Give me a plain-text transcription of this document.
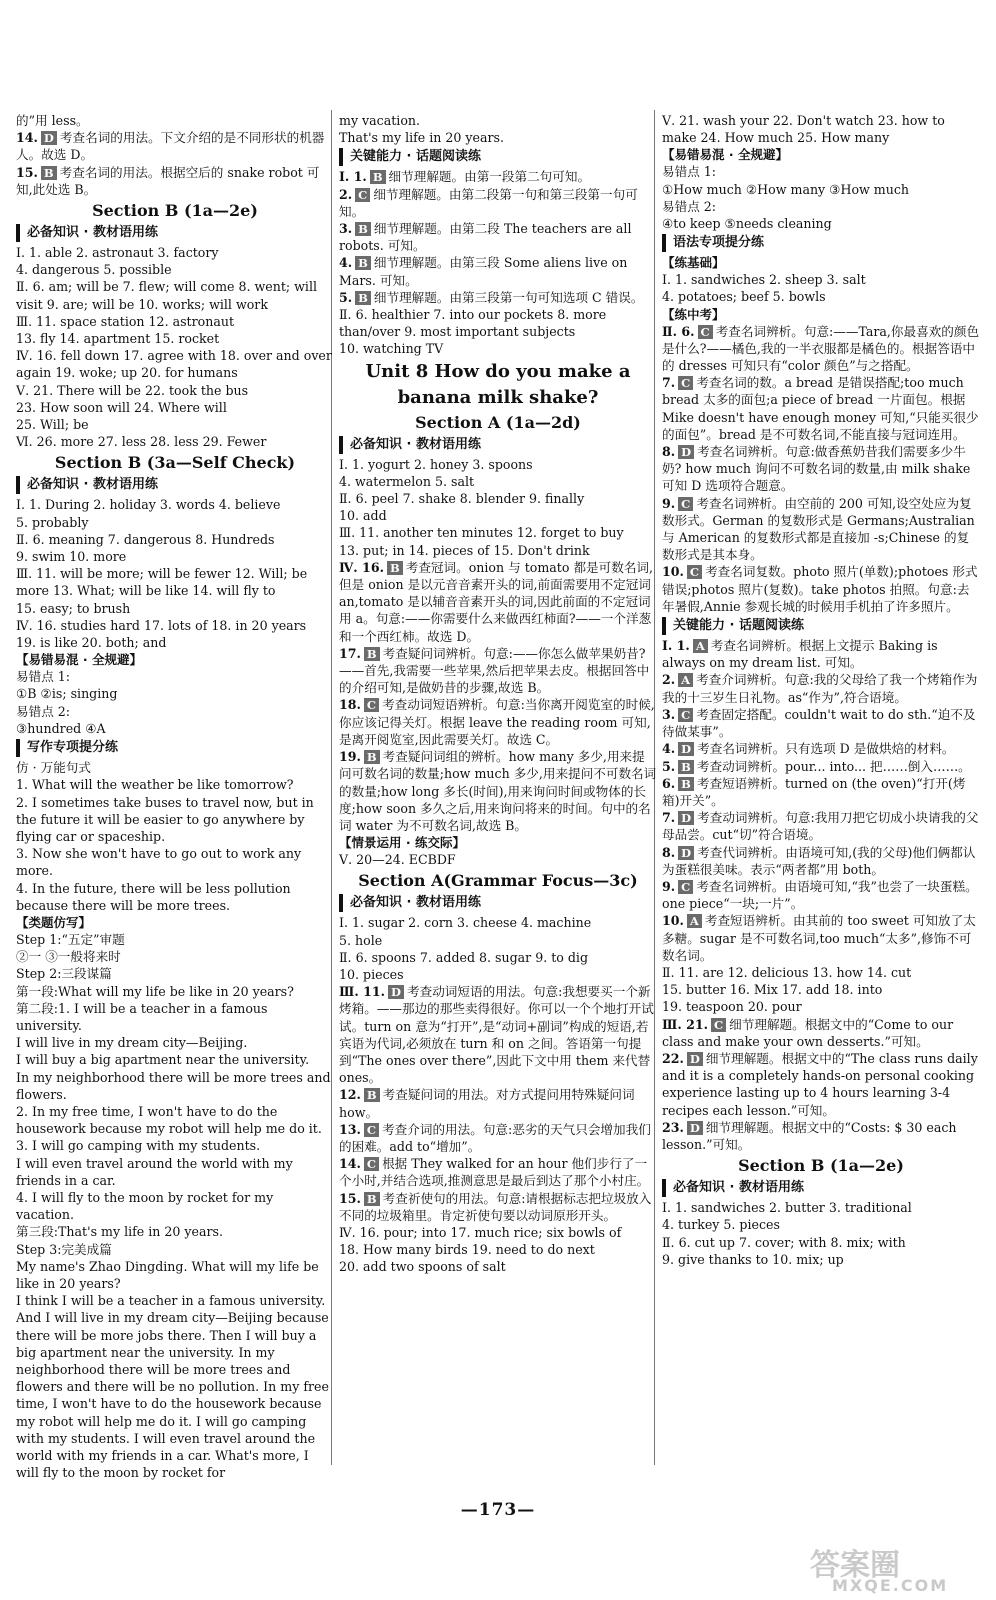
的”用 less。
14. D 考查名词的用法。下文介绍的是不同形状的机器人。故选 D。
15. B 考查名词的用法。根据空后的 snake robot 可知,此处选 B。
Section B (1a—2e)
必备知识 · 教材语用练
Ⅰ. 1. able 2. astronaut 3. factory
4. dangerous 5. possible
Ⅱ. 6. am; will be 7. flew; will come 8. went; will visit 9. are; will be 10. works; will work
Ⅲ. 11. space station 12. astronaut
13. fly 14. apartment 15. rocket
Ⅳ. 16. fell down 17. agree with 18. over and over again 19. woke; up 20. for humans
Ⅴ. 21. There will be 22. took the bus
23. How soon will 24. Where will
25. Will; be
Ⅵ. 26. more 27. less 28. less 29. Fewer
Section B (3a—Self Check)
必备知识 · 教材语用练
Ⅰ. 1. During 2. holiday 3. words 4. believe
5. probably
Ⅱ. 6. meaning 7. dangerous 8. Hundreds
9. swim 10. more
Ⅲ. 11. will be more; will be fewer 12. Will; be more 13. What; will be like 14. will fly to
15. easy; to brush
Ⅳ. 16. studies hard 17. lots of 18. in 20 years
19. is like 20. both; and
【易错易混 · 全规避】
易错点 1:
①B ②is; singing
易错点 2:
③hundred ④A
写作专项提分练
仿 · 万能句式
1. What will the weather be like tomorrow?
2. I sometimes take buses to travel now, but in the future it will be easier to go anywhere by flying car or spaceship.
3. Now she won't have to go out to work any more.
4. In the future, there will be less pollution because there will be more trees.
【类题仿写】
Step 1:“五定”审题
②一 ③一般将来时
Step 2:三段谋篇
第一段:What will my life be like in 20 years?
第二段:1. I will be a teacher in a famous university.
I will live in my dream city—Beijing.
I will buy a big apartment near the university.
In my neighborhood there will be more trees and flowers.
2. In my free time, I won't have to do the housework because my robot will help me do it.
3. I will go camping with my students.
I will even travel around the world with my friends in a car.
4. I will fly to the moon by rocket for my vacation.
第三段:That's my life in 20 years.
Step 3:完美成篇
My name's Zhao Dingding. What will my life be like in 20 years?
I think I will be a teacher in a famous university. And I will live in my dream city—Beijing because there will be more jobs there. Then I will buy a big apartment near the university. In my neighborhood there will be more trees and flowers and there will be no pollution. In my free time, I won't have to do the housework because my robot will help me do it. I will go camping with my students. I will even travel around the world with my friends in a car. What's more, I will fly to the moon by rocket for
my vacation.
That's my life in 20 years.
关键能力 · 话题阅读练
Ⅰ. 1. B 细节理解题。由第一段第二句可知。
2. C 细节理解题。由第二段第一句和第三段第一句可知。
3. B 细节理解题。由第二段 The teachers are all robots. 可知。
4. B 细节理解题。由第三段 Some aliens live on Mars. 可知。
5. B 细节理解题。由第三段第一句可知选项 C 错误。
Ⅱ. 6. healthier 7. into our pockets 8. more than/over 9. most important subjects
10. watching TV
Unit 8 How do you make a
banana milk shake?
Section A (1a—2d)
必备知识 · 教材语用练
Ⅰ. 1. yogurt 2. honey 3. spoons
4. watermelon 5. salt
Ⅱ. 6. peel 7. shake 8. blender 9. finally
10. add
Ⅲ. 11. another ten minutes 12. forget to buy
13. put; in 14. pieces of 15. Don't drink
Ⅳ. 16. B 考查冠词。onion 与 tomato 都是可数名词,但是 onion 是以元音音素开头的词,前面需要用不定冠词 an,tomato 是以辅音音素开头的词,因此前面的不定冠词用 a。句意:——你需要什么来做西红柿面?——一个洋葱和一个西红柿。故选 D。
17. B 考查疑问词辨析。句意:——你怎么做苹果奶昔?——首先,我需要一些苹果,然后把苹果去皮。根据回答中的介绍可知,是做奶昔的步骤,故选 B。
18. C 考查动词短语辨析。句意:当你离开阅览室的时候,你应该记得关灯。根据 leave the reading room 可知,是离开阅览室,因此需要关灯。故选 C。
19. B 考查疑问词组的辨析。how many 多少,用来提问可数名词的数量;how much 多少,用来提问不可数名词的数量;how long 多长(时间),用来询问时间或物体的长度;how soon 多久之后,用来询问将来的时间。句中的名词 water 为不可数名词,故选 B。
【情景运用 · 练交际】
Ⅴ. 20—24. ECBDF
Section A(Grammar Focus—3c)
必备知识 · 教材语用练
Ⅰ. 1. sugar 2. corn 3. cheese 4. machine
5. hole
Ⅱ. 6. spoons 7. added 8. sugar 9. to dig
10. pieces
Ⅲ. 11. D 考查动词短语的用法。句意:我想要买一个新烤箱。——那边的那些卖得很好。你可以一个个地打开试试。turn on 意为“打开”,是“动词+副词”构成的短语,若宾语为代词,必须放在 turn 和 on 之间。答语第一句提到“The ones over there”,因此下文中用 them 来代替 ones。
12. B 考查疑问词的用法。对方式提问用特殊疑问词 how。
13. C 考查介词的用法。句意:恶劣的天气只会增加我们的困难。add to“增加”。
14. C 根据 They walked for an hour 他们步行了一个小时,并结合选项,推测意思是最后到达了那个小村庄。
15. B 考查祈使句的用法。句意:请根据标志把垃圾放入不同的垃圾箱里。肯定祈使句要以动词原形开头。
Ⅳ. 16. pour; into 17. much rice; six bowls of
18. How many birds 19. need to do next
20. add two spoons of salt
Ⅴ. 21. wash your 22. Don't watch 23. how to make 24. How much 25. How many
【易错易混 · 全规避】
易错点 1:
①How much ②How many ③How much
易错点 2:
④to keep ⑤needs cleaning
语法专项提分练
【练基础】
Ⅰ. 1. sandwiches 2. sheep 3. salt
4. potatoes; beef 5. bowls
【练中考】
Ⅱ. 6. C 考查名词辨析。句意:——Tara,你最喜欢的颜色是什么?——橘色,我的一半衣服都是橘色的。根据答语中的 dresses 可知只有“color 颜色”与之搭配。
7. C 考查名词的数。a bread 是错误搭配;too much bread 太多的面包;a piece of bread 一片面包。根据 Mike doesn't have enough money 可知,“只能买很少的面包”。bread 是不可数名词,不能直接与冠词连用。
8. D 考查名词辨析。句意:做香蕉奶昔我们需要多少牛奶? how much 询问不可数名词的数量,由 milk shake 可知 D 选项符合题意。
9. C 考查名词辨析。由空前的 200 可知,设空处应为复数形式。German 的复数形式是 Germans;Australian 与 American 的复数形式都是直接加 -s;Chinese 的复数形式是其本身。
10. C 考查名词复数。photo 照片(单数);photoes 形式错误;photos 照片(复数)。take photos 拍照。句意:去年暑假,Annie 参观长城的时候用手机拍了许多照片。
关键能力 · 话题阅读练
Ⅰ. 1. A 考查名词辨析。根据上文提示 Baking is always on my dream list. 可知。
2. A 考查介词辨析。句意:我的父母给了我一个烤箱作为我的十三岁生日礼物。as“作为”,符合语境。
3. C 考查固定搭配。couldn't wait to do sth.“迫不及待做某事”。
4. D 考查名词辨析。只有选项 D 是做烘焙的材料。
5. B 考查动词辨析。pour... into... 把……倒入……。
6. B 考查短语辨析。turned on (the oven)“打开(烤箱)开关”。
7. D 考查动词辨析。句意:我用刀把它切成小块请我的父母品尝。cut“切”符合语境。
8. D 考查代词辨析。由语境可知,(我的父母)他们俩都认为蛋糕很美味。表示“两者都”用 both。
9. C 考查名词辨析。由语境可知,“我”也尝了一块蛋糕。one piece“一块;一片”。
10. A 考查短语辨析。由其前的 too sweet 可知放了太多糖。sugar 是不可数名词,too much“太多”,修饰不可数名词。
Ⅱ. 11. are 12. delicious 13. how 14. cut
15. butter 16. Mix 17. add 18. into
19. teaspoon 20. pour
Ⅲ. 21. C 细节理解题。根据文中的“Come to our class and make your own desserts.”可知。
22. D 细节理解题。根据文中的“The class runs daily and it is a completely hands-on personal cooking experience lasting up to 4 hours learning 3-4 recipes each lesson.”可知。
23. D 细节理解题。根据文中的“Costs: $ 30 each lesson.”可知。
Section B (1a—2e)
必备知识 · 教材语用练
Ⅰ. 1. sandwiches 2. butter 3. traditional
4. turkey 5. pieces
Ⅱ. 6. cut up 7. cover; with 8. mix; with
9. give thanks to 10. mix; up
—173—
答案圈
MXQE.COM
